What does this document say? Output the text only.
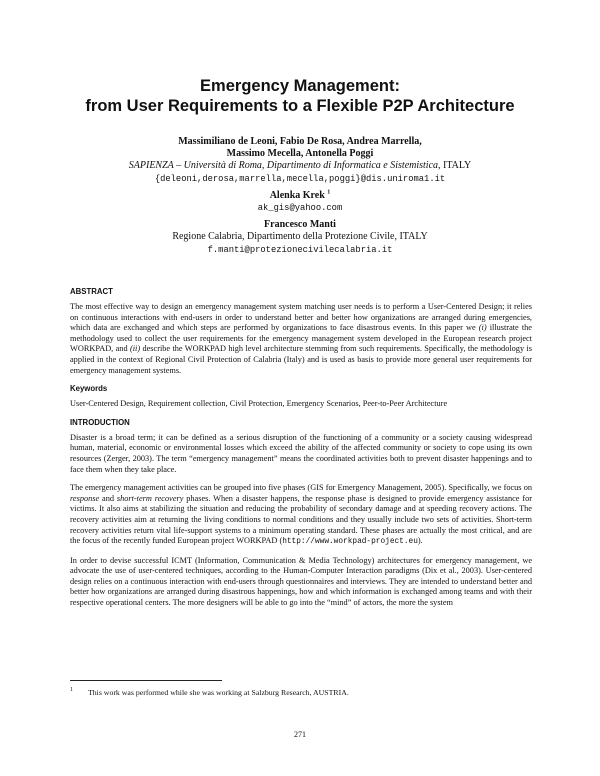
Emergency Management:
from User Requirements to a Flexible P2P Architecture
Massimiliano de Leoni, Fabio De Rosa, Andrea Marrella,
Massimo Mecella, Antonella Poggi
SAPIENZA – Università di Roma, Dipartimento di Informatica e Sistemistica, ITALY
{deleoni,derosa,marrella,mecella,poggi}@dis.uniroma1.it
Alenka Krek $^1$
ak_gis@yahoo.com
Francesco Manti
Regione Calabria, Dipartimento della Protezione Civile, ITALY
f.manti@protezionecivilecalabria.it
ABSTRACT

The most effective way to design an emergency management system matching user needs is to perform a User-Centered Design; it relies on continuous interactions with end-users in order to understand better and better how organizations are arranged during emergencies, which data are exchanged and which steps are performed by organizations to face disastrous events. In this paper we (i) illustrate the methodology used to collect the user requirements for the emergency management system developed in the European research project WORKPAD, and (ii) describe the WORKPAD high level architecture stemming from such requirements. Specifically, the methodology is applied in the context of Regional Civil Protection of Calabria (Italy) and is used as basis to provide more general user requirements for emergency management systems.

Keywords

User-Centered Design, Requirement collection, Civil Protection, Emergency Scenarios, Peer-to-Peer Architecture

INTRODUCTION

Disaster is a broad term; it can be defined as a serious disruption of the functioning of a community or a society causing widespread human, material, economic or environmental losses which exceed the ability of the affected community or society to cope using its own resources (Zerger, 2003). The term “emergency management” means the coordinated activities both to prevent disaster happenings and to face them when they take place.

The emergency management activities can be grouped into five phases (GIS for Emergency Management, 2005). Specifically, we focus on response and short-term recovery phases. When a disaster happens, the response phase is designed to provide emergency assistance for victims. It also aims at stabilizing the situation and reducing the probability of secondary damage and at speeding recovery actions. The recovery activities aim at returning the living conditions to normal conditions and they usually include two sets of activities. Short-term recovery activities return vital life-support systems to a minimum operating standard. These phases are actually the most critical, and are the focus of the recently funded European project WORKPAD (http://www.workpad-project.eu).

In order to devise successful ICMT (Information, Communication & Media Technology) architectures for emergency management, we advocate the use of user-centered techniques, according to the Human-Computer Interaction paradigms (Dix et al., 2003). User-centered design relies on a continuous interaction with end-users through questionnaires and interviews. They are intended to understand better and better how organizations are arranged during disastrous happenings, how and which information is exchanged among teams and with their respective operational centers. The more designers will be able to go into the “mind” of actors, the more the system

$^1$ This work was performed while she was working at Salzburg Research, AUSTRIA.
271
